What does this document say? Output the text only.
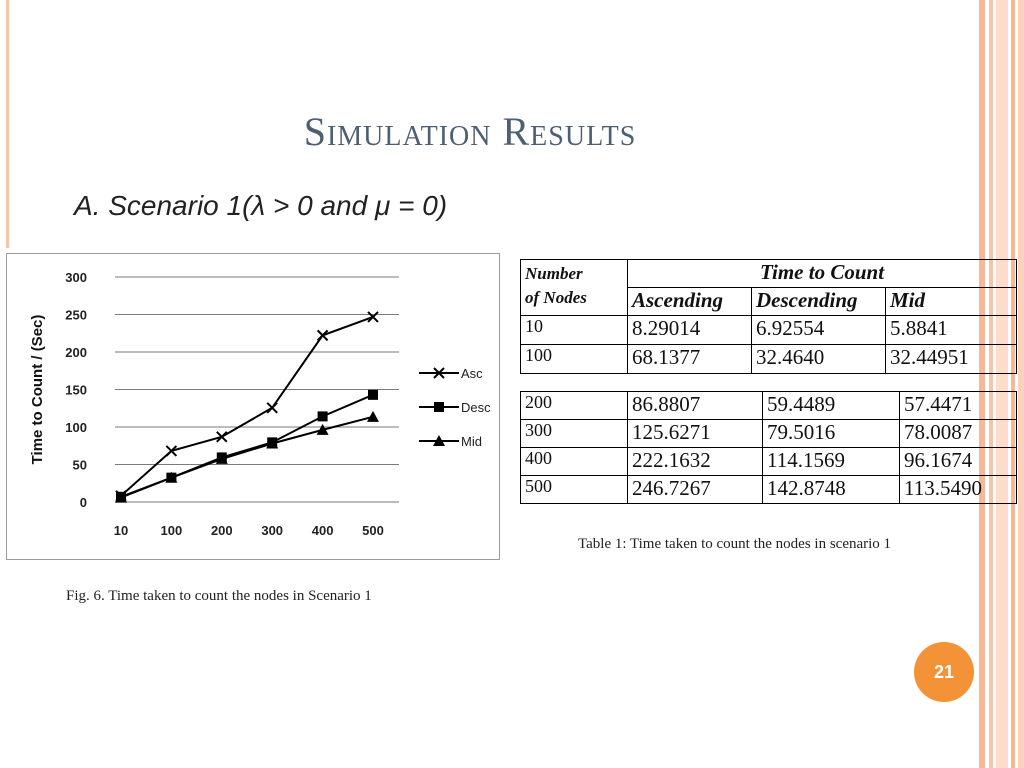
Simulation Results
A. Scenario 1(λ > 0 and μ = 0)
0
50
100
150
200
250
300
10 100 200 300 400 500
Time to Count / (Sec)	Asc
Desc
Mid
Fig. 6. Time taken to count the nodes in Scenario 1
Number
of Nodes	Time to Count		
	Ascending	Descending	Mid
10	8.29014	6.92554	5.8841
100	68.1377	32.4640	32.44951
200	86.8807	59.4489	57.4471
300	125.6271	79.5016	78.0087
400	222.1632	114.1569	96.1674
500	246.7267	142.8748	113.5490
Table 1: Time taken to count the nodes in scenario 1
21
